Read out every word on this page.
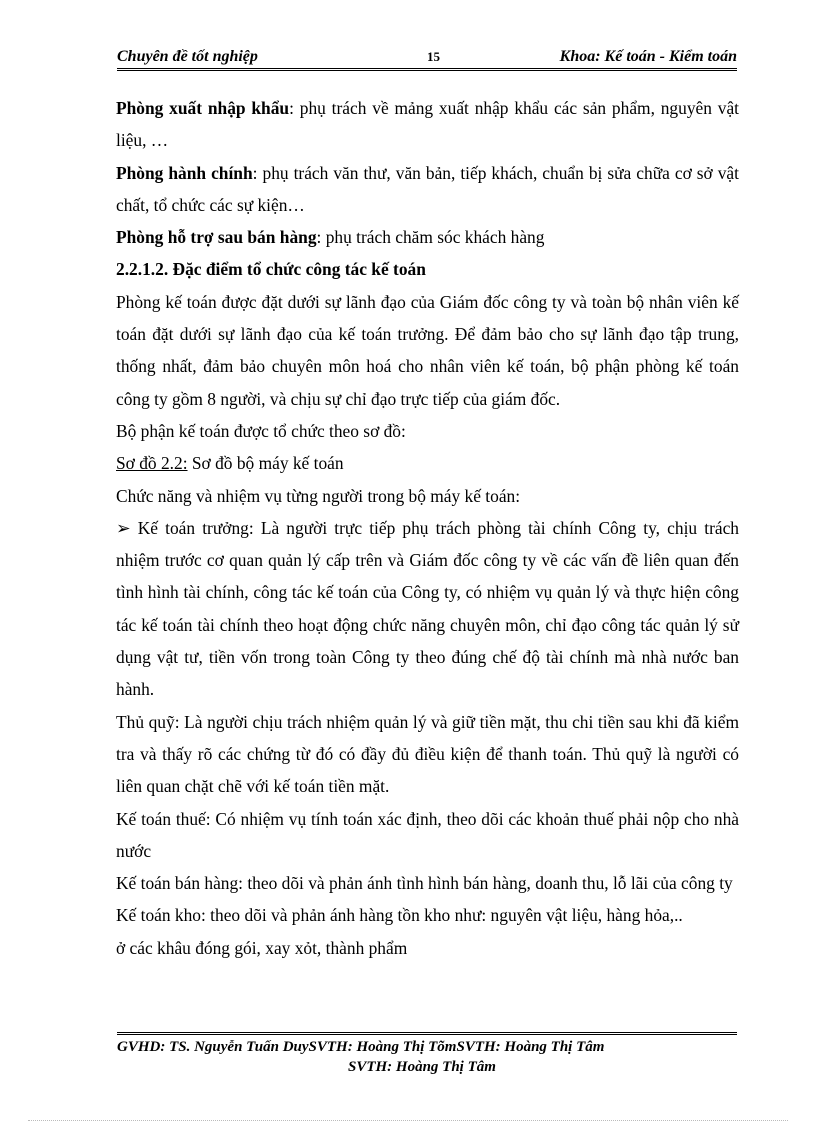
Chuyên đề tốt nghiệp	15	Khoa: Kế toán - Kiểm toán

Phòng xuất nhập khẩu: phụ trách về mảng xuất nhập khẩu các sản phẩm, nguyên vật liệu, …

Phòng hành chính: phụ trách văn thư, văn bản, tiếp khách, chuẩn bị sửa chữa cơ sở vật chất, tổ chức các sự kiện…

Phòng hỗ trợ sau bán hàng: phụ trách chăm sóc khách hàng

2.2.1.2. Đặc điểm tổ chức công tác kế toán

Phòng kế toán được đặt dưới sự lãnh đạo của Giám đốc công ty và toàn bộ nhân viên kế toán đặt dưới sự lãnh đạo của kế toán trưởng. Để đảm bảo cho sự lãnh đạo tập trung, thống nhất, đảm bảo chuyên môn hoá cho nhân viên kế toán, bộ phận phòng kế toán công ty gồm 8 người, và chịu sự chỉ đạo trực tiếp của giám đốc.

Bộ phận kế toán được tổ chức theo sơ đồ:

Sơ đồ 2.2: Sơ đồ bộ máy kế toán

Chức năng và nhiệm vụ từng người trong bộ máy kế toán:

➢ Kế toán trưởng: Là người trực tiếp phụ trách phòng tài chính Công ty, chịu trách nhiệm trước cơ quan quản lý cấp trên và Giám đốc công ty về các vấn đề liên quan đến tình hình tài chính, công tác kế toán của Công ty, có nhiệm vụ quản lý và thực hiện công tác kế toán tài chính theo hoạt động chức năng chuyên môn, chỉ đạo công tác quản lý sử dụng vật tư, tiền vốn trong toàn Công ty theo đúng chế độ tài chính mà nhà nước ban hành.

Thủ quỹ: Là người chịu trách nhiệm quản lý và giữ tiền mặt, thu chi tiền sau khi đã kiểm tra và thấy rõ các chứng từ đó có đầy đủ điều kiện để thanh toán. Thủ quỹ là người có liên quan chặt chẽ với kế toán tiền mặt.

Kế toán thuế: Có nhiệm vụ tính toán xác định, theo dõi các khoản thuế phải nộp cho nhà nước

Kế toán bán hàng: theo dõi và phản ánh tình hình bán hàng, doanh thu, lỗ lãi của công ty

Kế toán kho: theo dõi và phản ánh hàng tồn kho như: nguyên vật liệu, hàng hỏa,..

ở các khâu đóng gói, xay xỏt, thành phẩm

GVHD: TS. Nguyễn Tuấn DuySVTH: Hoàng Thị TõmSVTH: Hoàng Thị Tâm
SVTH: Hoàng Thị Tâm
